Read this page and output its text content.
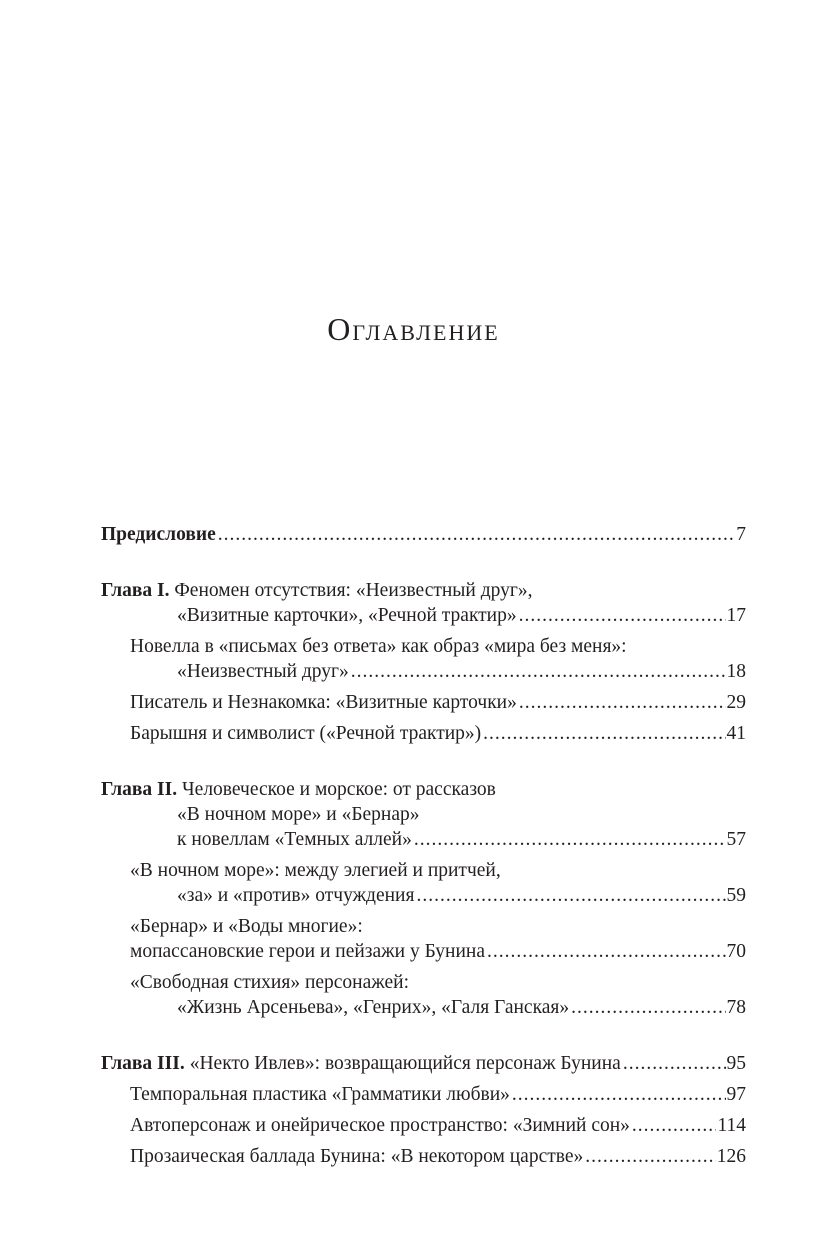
Оглавление
Предисловие .....	7
Глава I. Феномен отсутствия: «Неизвестный друг»,
«Визитные карточки», «Речной трактир» .....	17
Новелла в «письмах без ответа» как образ «мира без меня»:
«Неизвестный друг» .....	18
Писатель и Незнакомка: «Визитные карточки» .....	29
Барышня и символист («Речной трактир») .....	41
Глава II. Человеческое и морское: от рассказов
«В ночном море» и «Бернар»
к новеллам «Темных аллей» .....	57
«В ночном море»: между элегией и притчей,
«за» и «против» отчуждения .....	59
«Бернар» и «Воды многие»:
мопассановские герои и пейзажи у Бунина .....	70
«Свободная стихия» персонажей:
«Жизнь Арсеньева», «Генрих», «Галя Ганская» .....	78
Глава III. «Некто Ивлев»: возвращающийся персонаж Бунина .....	95
Темпоральная пластика «Грамматики любви» .....	97
Автоперсонаж и онейрическое пространство: «Зимний сон» .....	114
Прозаическая баллада Бунина: «В некотором царстве» .....	126
